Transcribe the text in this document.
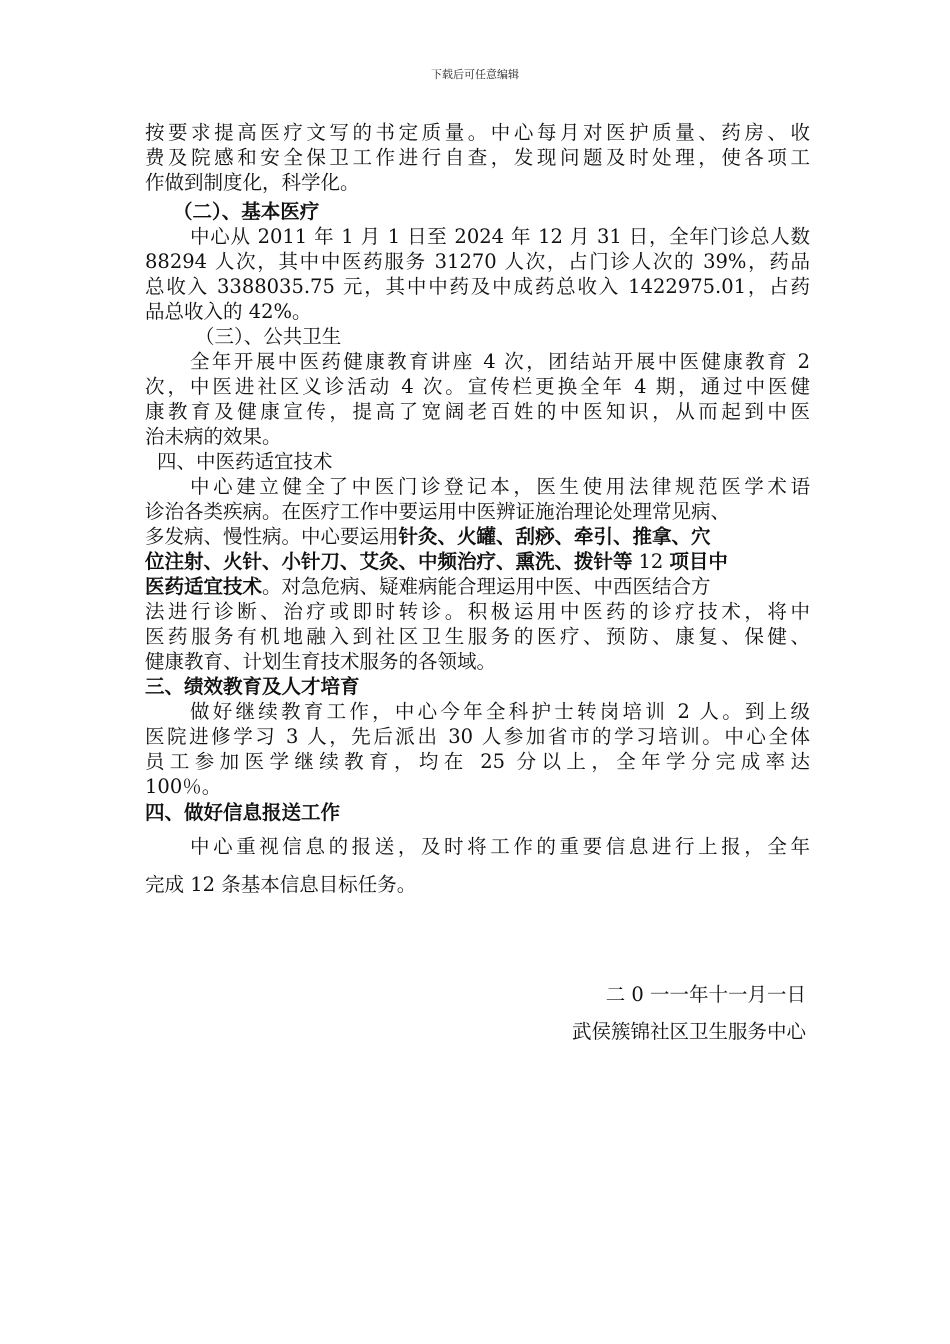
下载后可任意编辑
按要求提高医疗文写的书定质量。中心每月对医护质量、药房、收
费及院感和安全保卫工作进行自查，发现问题及时处理，使各项工
作做到制度化，科学化。
（二）、基本医疗
中心从 2011 年 1 月 1 日至 2024 年 12 月 31 日，全年门诊总人数
88294 人次，其中中医药服务 31270 人次，占门诊人次的 39%，药品
总收入 3388035.75 元，其中中药及中成药总收入 1422975.01，占药
品总收入的 42%。
（三）、公共卫生
全年开展中医药健康教育讲座 4 次，团结站开展中医健康教育 2
次，中医进社区义诊活动 4 次。宣传栏更换全年 4 期，通过中医健
康教育及健康宣传，提高了宽阔老百姓的中医知识，从而起到中医
治未病的效果。
四、中医药适宜技术
中心建立健全了中医门诊登记本，医生使用法律规范医学术语
诊治各类疾病。在医疗工作中要运用中医辨证施治理论处理常见病、
多发病、慢性病。中心要运用针灸、火罐、刮痧、牵引、推拿、穴
位注射、火针、小针刀、艾灸、中频治疗、熏洗、拨针等 12 项目中
医药适宜技术。对急危病、疑难病能合理运用中医、中西医结合方
法进行诊断、治疗或即时转诊。积极运用中医药的诊疗技术，将中
医药服务有机地融入到社区卫生服务的医疗、预防、康复、保健、
健康教育、计划生育技术服务的各领域。
三、绩效教育及人才培育
做好继续教育工作，中心今年全科护士转岗培训 2 人。到上级
医院进修学习 3 人，先后派出 30 人参加省市的学习培训。中心全体
员工参加医学继续教育，均在 25 分以上，全年学分完成率达
100％。
四、做好信息报送工作
中心重视信息的报送，及时将工作的重要信息进行上报，全年
完成 12 条基本信息目标任务。
二 0 一一年十一月一日
武侯簇锦社区卫生服务中心
